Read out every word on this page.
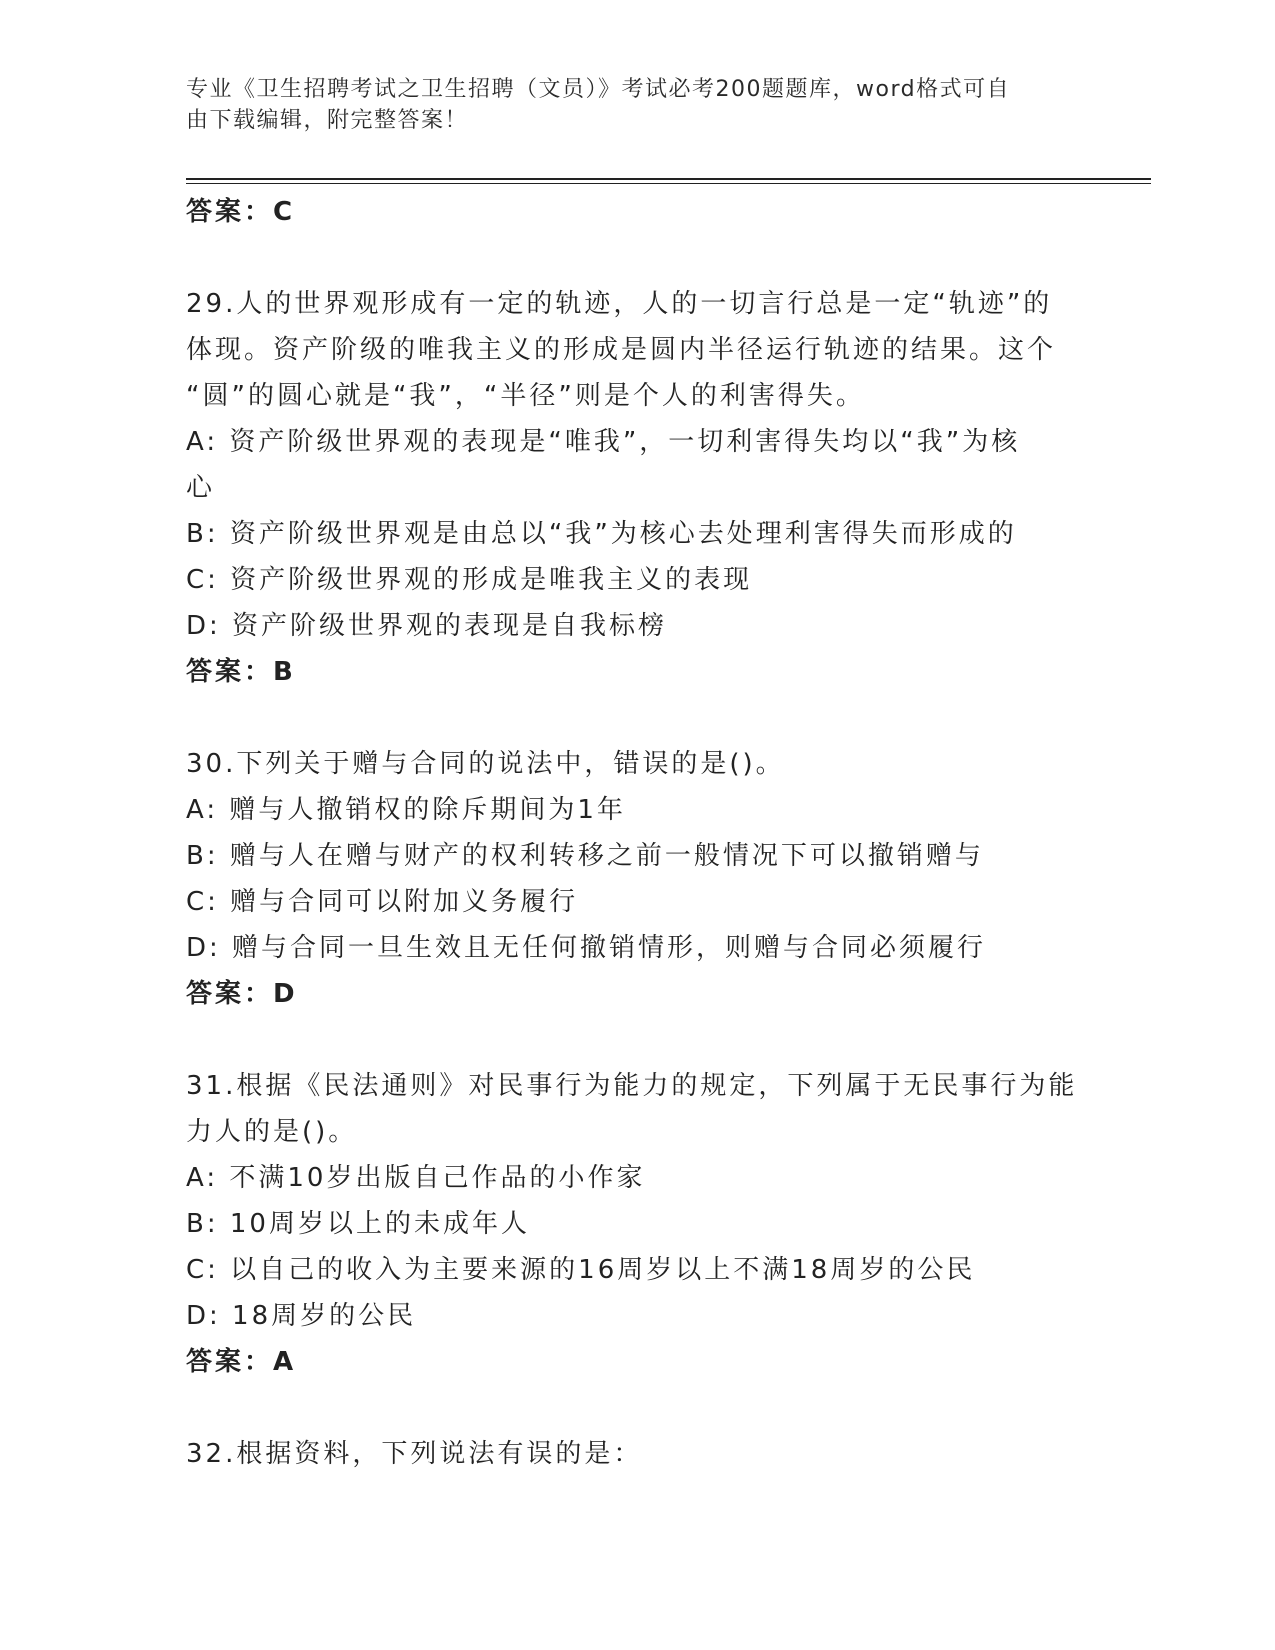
专业《卫生招聘考试之卫生招聘（文员）》考试必考200题题库，word格式可自
由下载编辑，附完整答案！
答案：C
29.人的世界观形成有一定的轨迹，人的一切言行总是一定“轨迹”的
体现。资产阶级的唯我主义的形成是圆内半径运行轨迹的结果。这个
“圆”的圆心就是“我”，“半径”则是个人的利害得失。
A: 资产阶级世界观的表现是“唯我”，一切利害得失均以“我”为核
心
B: 资产阶级世界观是由总以“我”为核心去处理利害得失而形成的
C: 资产阶级世界观的形成是唯我主义的表现
D: 资产阶级世界观的表现是自我标榜
答案：B
30.下列关于赠与合同的说法中，错误的是()。
A: 赠与人撤销权的除斥期间为1年
B: 赠与人在赠与财产的权利转移之前一般情况下可以撤销赠与
C: 赠与合同可以附加义务履行
D: 赠与合同一旦生效且无任何撤销情形，则赠与合同必须履行
答案：D
31.根据《民法通则》对民事行为能力的规定，下列属于无民事行为能
力人的是()。
A: 不满10岁出版自己作品的小作家
B: 10周岁以上的未成年人
C: 以自己的收入为主要来源的16周岁以上不满18周岁的公民
D: 18周岁的公民
答案：A
32.根据资料，下列说法有误的是：
